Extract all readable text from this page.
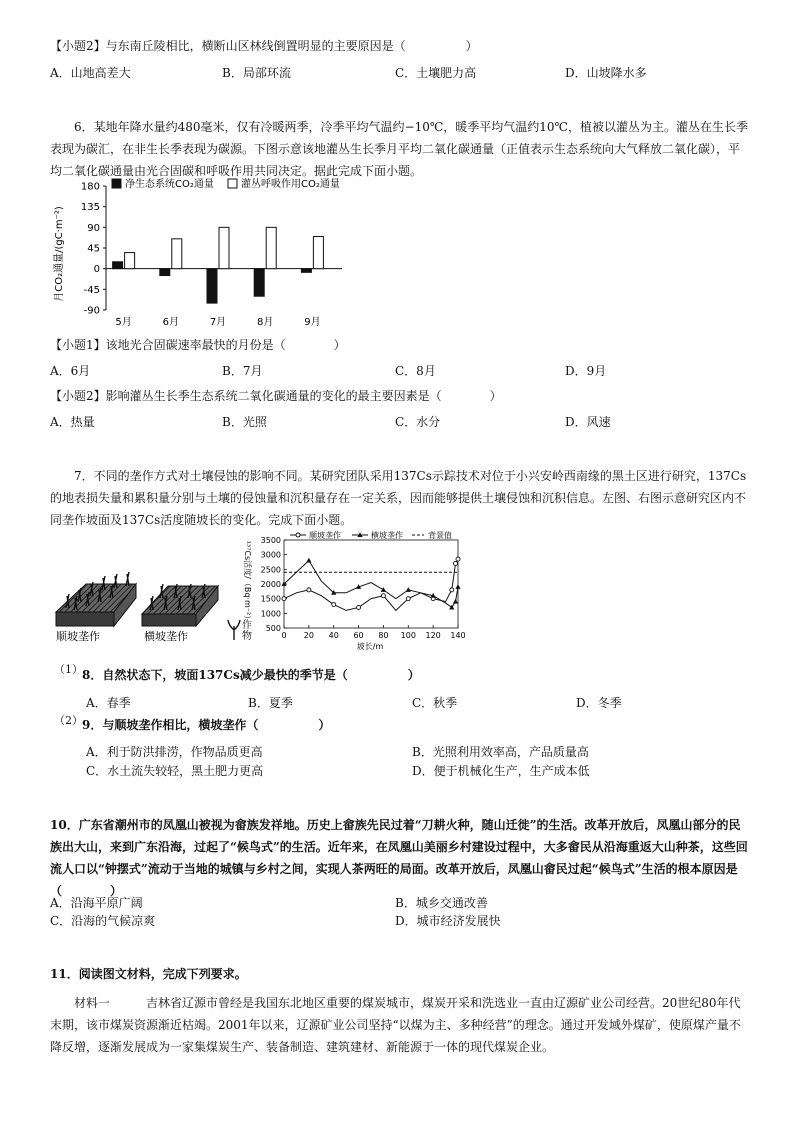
【小题2】与东南丘陵相比，横断山区林线倒置明显的主要原因是（　　　　　）
A．山地高差大	B．局部环流	C．土壤肥力高	D．山坡降水多
6．某地年降水量约480毫米，仅有冷暖两季，冷季平均气温约−10℃，暖季平均气温约10℃，植被以灌丛为主。灌丛在生长季表现为碳汇，在非生长季表现为碳源。下图示意该地灌丛生长季月平均二氧化碳通量（正值表示生态系统向大气释放二氧化碳），平均二氧化碳通量由光合固碳和呼吸作用共同决定。据此完成下面小题。
180
135
90
45
0
-45
-90
5月	6月	7月	8月	9月
净生态系统CO₂通量	灌丛呼吸作用CO₂通量
月CO₂通量/(gC·m⁻²)
【小题1】该地光合固碳速率最快的月份是（　　　　）
A．6月	B．7月	C．8月	D．9月
【小题2】影响灌丛生长季生态系统二氧化碳通量的变化的最主要因素是（　　　　）
A．热量	B．光照	C．水分	D．风速
7．不同的垄作方式对土壤侵蚀的影响不同。某研究团队采用137Cs示踪技术对位于小兴安岭西南缘的黑土区进行研究，137Cs的地表损失量和累积量分别与土壤的侵蚀量和沉积量存在一定关系，因而能够提供土壤侵蚀和沉积信息。左图、右图示意研究区内不同垄作坡面及137Cs活度随坡长的变化。完成下面小题。
顺坡垄作	横坡垄作
作物
3500
3000
2500
2000
1500
1000
500
0 20 40 60 80 100 120 140
顺坡垄作	横坡垄作	背景值
¹³⁷Cs活度/（Bq·m⁻²）
坡长/m
（1） 8．自然状态下，坡面137Cs减少最快的季节是（　　　　　）
A．春季	B．夏季	C．秋季	D．冬季
（2） 9．与顺坡垄作相比，横坡垄作（　　　　　）
A．利于防洪排涝，作物品质更高	B．光照利用效率高，产品质量高
C．水土流失较轻，黑土肥力更高	D．便于机械化生产，生产成本低
10．广东省潮州市的凤凰山被视为畲族发祥地。历史上畲族先民过着“刀耕火种，随山迁徙”的生活。改革开放后，凤凰山部分的民族出大山，来到广东沿海，过起了“候鸟式”的生活。近年来，在凤凰山美丽乡村建设过程中，大多畲民从沿海重返大山种茶，这些回流人口以“钟摆式”流动于当地的城镇与乡村之间，实现人茶两旺的局面。改革开放后，凤凰山畲民过起“候鸟式”生活的根本原因是（　　　　）
A．沿海平原广阔	B．城乡交通改善
C．沿海的气候凉爽	D．城市经济发展快
11．阅读图文材料，完成下列要求。
材料一　　　吉林省辽源市曾经是我国东北地区重要的煤炭城市，煤炭开采和洗选业一直由辽源矿业公司经营。20世纪80年代末期，该市煤炭资源渐近枯竭。2001年以来，辽源矿业公司坚持“以煤为主、多种经营”的理念。通过开发域外煤矿，使原煤产量不降反增，逐渐发展成为一家集煤炭生产、装备制造、建筑建材、新能源于一体的现代煤炭企业。
